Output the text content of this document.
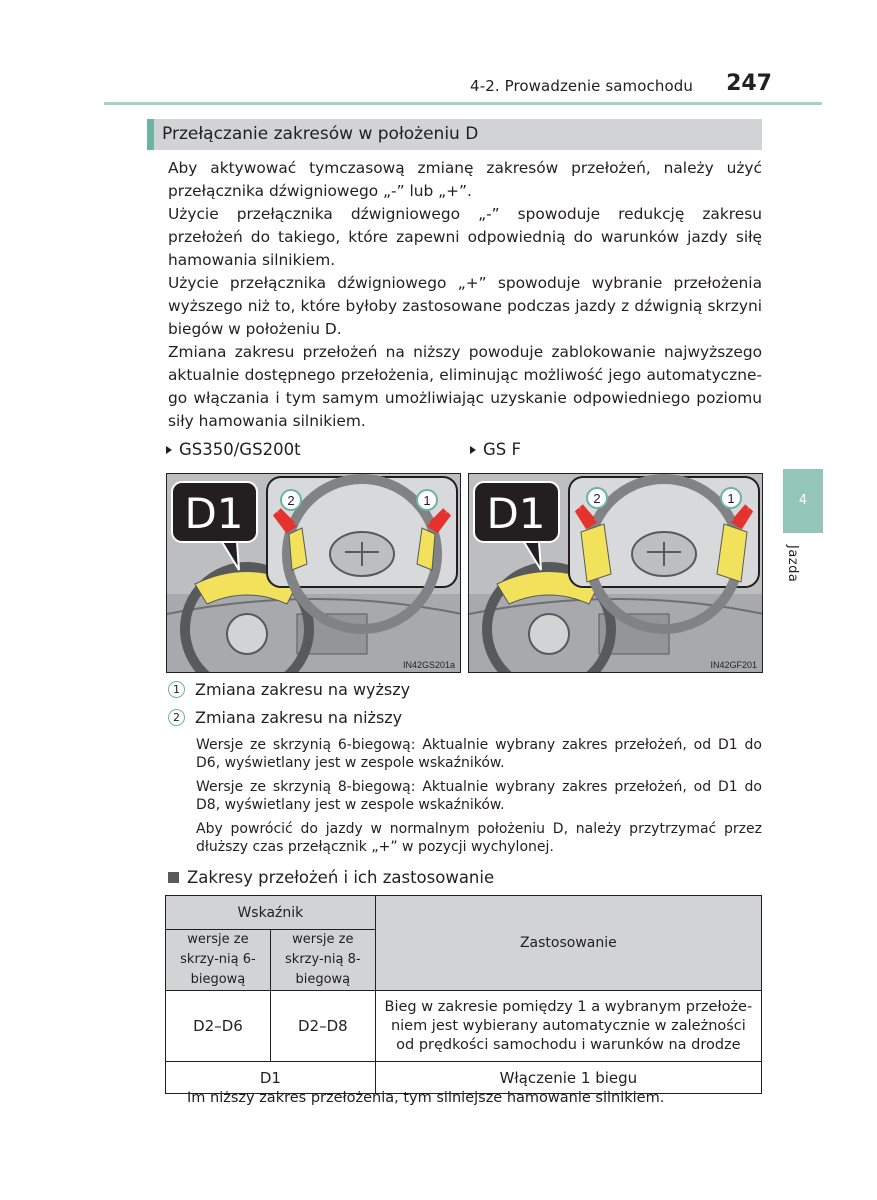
4-2. Prowadzenie samochodu 247
4
Jazda
Przełączanie zakresów w położeniu D

Aby aktywować tymczasową zmianę zakresów przełożeń, należy użyć przełącznika dźwigniowego „-” lub „+”.

Użycie przełącznika dźwigniowego „-” spowoduje redukcję zakresu przełożeń do takiego, które zapewni odpowiednią do warunków jazdy siłę hamowania silnikiem.

Użycie przełącznika dźwigniowego „+” spowoduje wybranie przełożenia wyższego niż to, które byłoby zastosowane podczas jazdy z dźwignią skrzyni biegów w położeniu D.

Zmiana zakresu przełożeń na niższy powoduje zablokowanie najwyższego aktualnie dostępnego przełożenia, eliminując możliwość jego automatyczne-go włączania i tym samym umożliwiając uzyskanie odpowiedniego poziomu siły hamowania silnikiem.

GS350/GS200t	GS F
2	1
D1
IN42GS201a
2	1
D1
IN42GF201
1 Zmiana zakresu na wyższy
2 Zmiana zakresu na niższy

Wersje ze skrzynią 6-biegową: Aktualnie wybrany zakres przełożeń, od D1 do D6, wyświetlany jest w zespole wskaźników.

Wersje ze skrzynią 8-biegową: Aktualnie wybrany zakres przełożeń, od D1 do D8, wyświetlany jest w zespole wskaźników.

Aby powrócić do jazdy w normalnym położeniu D, należy przytrzymać przez dłuższy czas przełącznik „+” w pozycji wychylonej.

Zakresy przełożeń i ich zastosowanie
Wskaźnik		Zastosowanie
wersje ze skrzy-nią 6-biegową	wersje ze skrzy-nią 8-biegową	
D2–D6	D2–D8	Bieg w zakresie pomiędzy 1 a wybranym przełoże-niem jest wybierany automatycznie w zależności od prędkości samochodu i warunków na drodze
D1		Włączenie 1 biegu
Im niższy zakres przełożenia, tym silniejsze hamowanie silnikiem.
